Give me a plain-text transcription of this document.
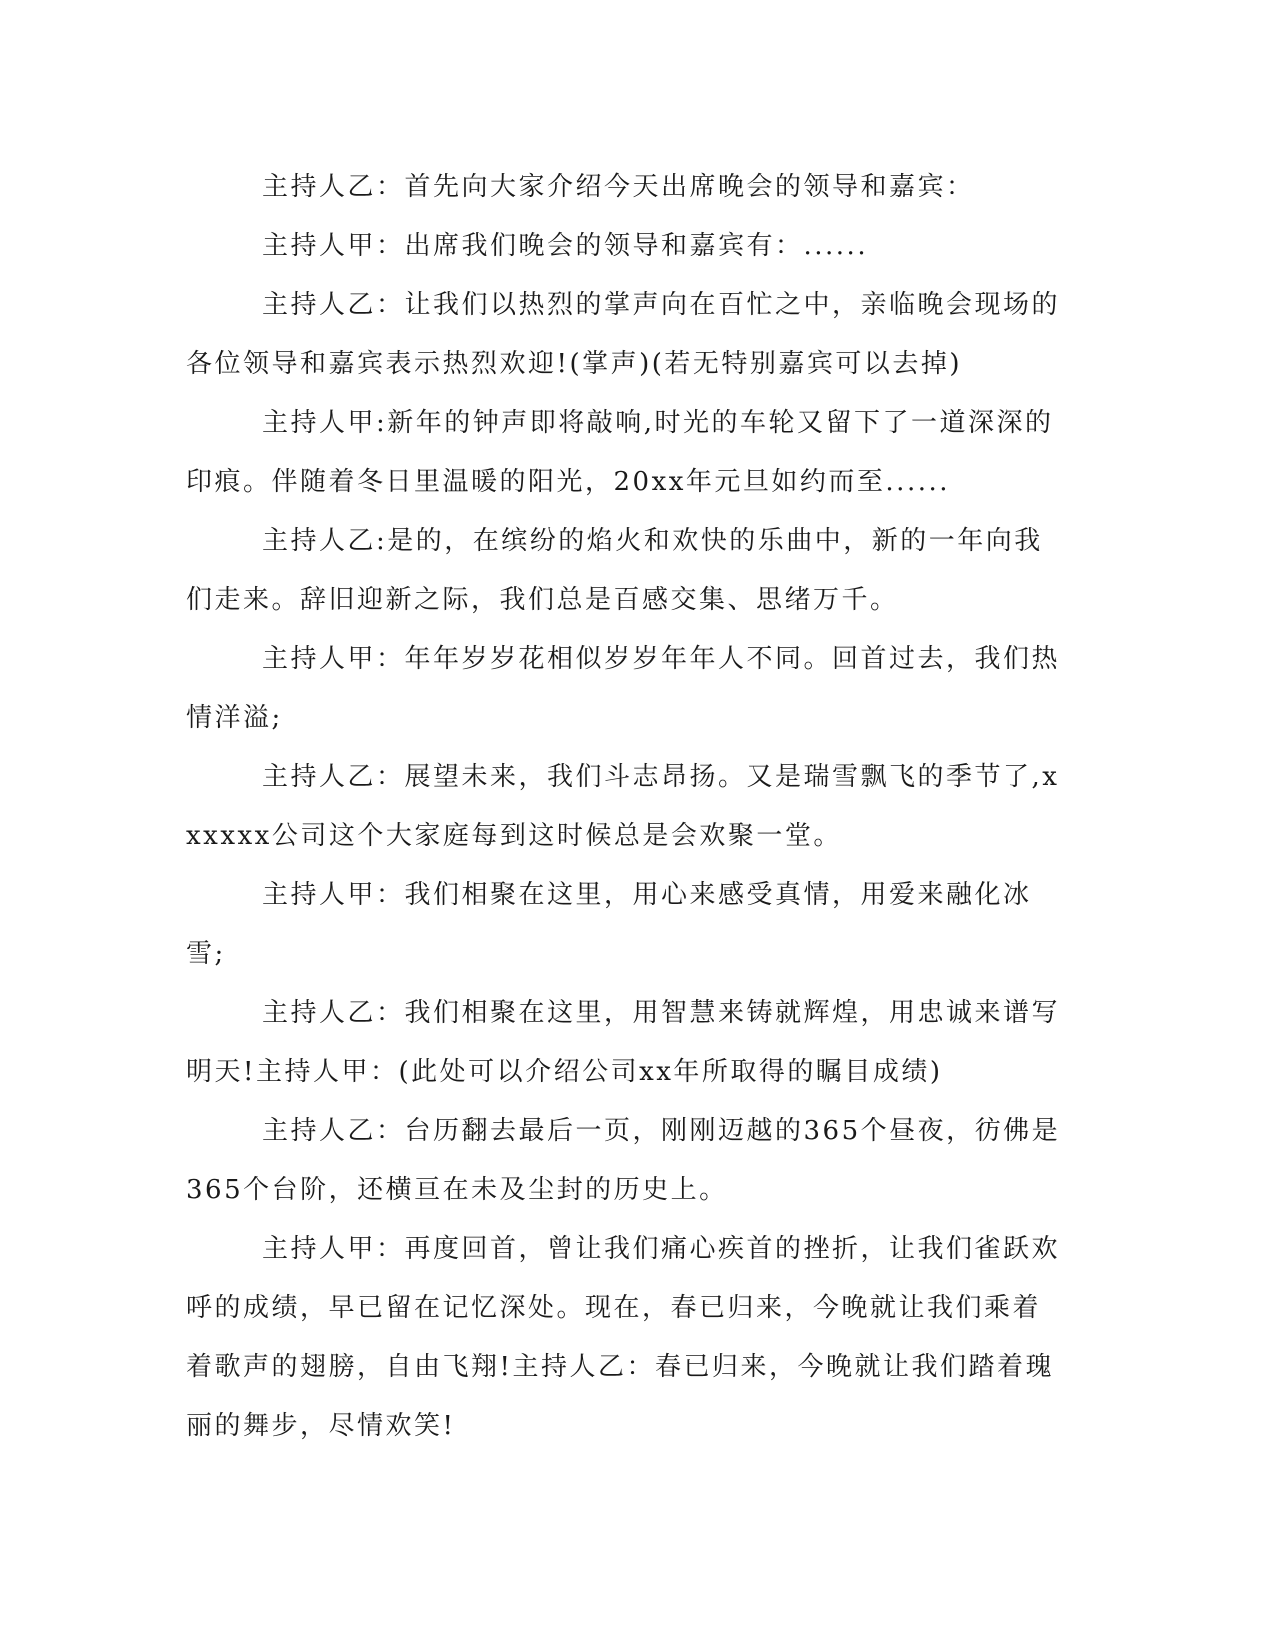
主持人乙：首先向大家介绍今天出席晚会的领导和嘉宾：

主持人甲：出席我们晚会的领导和嘉宾有：......

主持人乙：让我们以热烈的掌声向在百忙之中，亲临晚会现场的各位领导和嘉宾表示热烈欢迎!(掌声)(若无特别嘉宾可以去掉)

主持人甲:新年的钟声即将敲响,时光的车轮又留下了一道深深的印痕。伴随着冬日里温暖的阳光，20xx年元旦如约而至......

主持人乙:是的，在缤纷的焰火和欢快的乐曲中，新的一年向我们走来。辞旧迎新之际，我们总是百感交集、思绪万千。

主持人甲：年年岁岁花相似岁岁年年人不同。回首过去，我们热情洋溢;

主持人乙：展望未来，我们斗志昂扬。又是瑞雪飘飞的季节了,xxxxxx公司这个大家庭每到这时候总是会欢聚一堂。

主持人甲：我们相聚在这里，用心来感受真情，用爱来融化冰雪;

主持人乙：我们相聚在这里，用智慧来铸就辉煌，用忠诚来谱写明天!主持人甲：(此处可以介绍公司xx年所取得的瞩目成绩)

主持人乙：台历翻去最后一页，刚刚迈越的365个昼夜，彷佛是365个台阶，还横亘在未及尘封的历史上。

主持人甲：再度回首，曾让我们痛心疾首的挫折，让我们雀跃欢呼的成绩，早已留在记忆深处。现在，春已归来，今晚就让我们乘着着歌声的翅膀，自由飞翔!主持人乙：春已归来，今晚就让我们踏着瑰丽的舞步，尽情欢笑!
